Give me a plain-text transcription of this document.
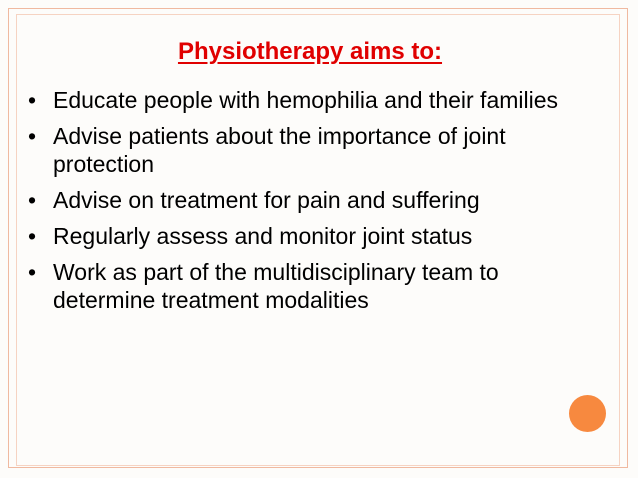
Physiotherapy aims to:
• Educate people with hemophilia and their families
• Advise patients about the importance of joint protection
• Advise on treatment for pain and suffering
• Regularly assess and monitor joint status
• Work as part of the multidisciplinary team to determine treatment modalities
